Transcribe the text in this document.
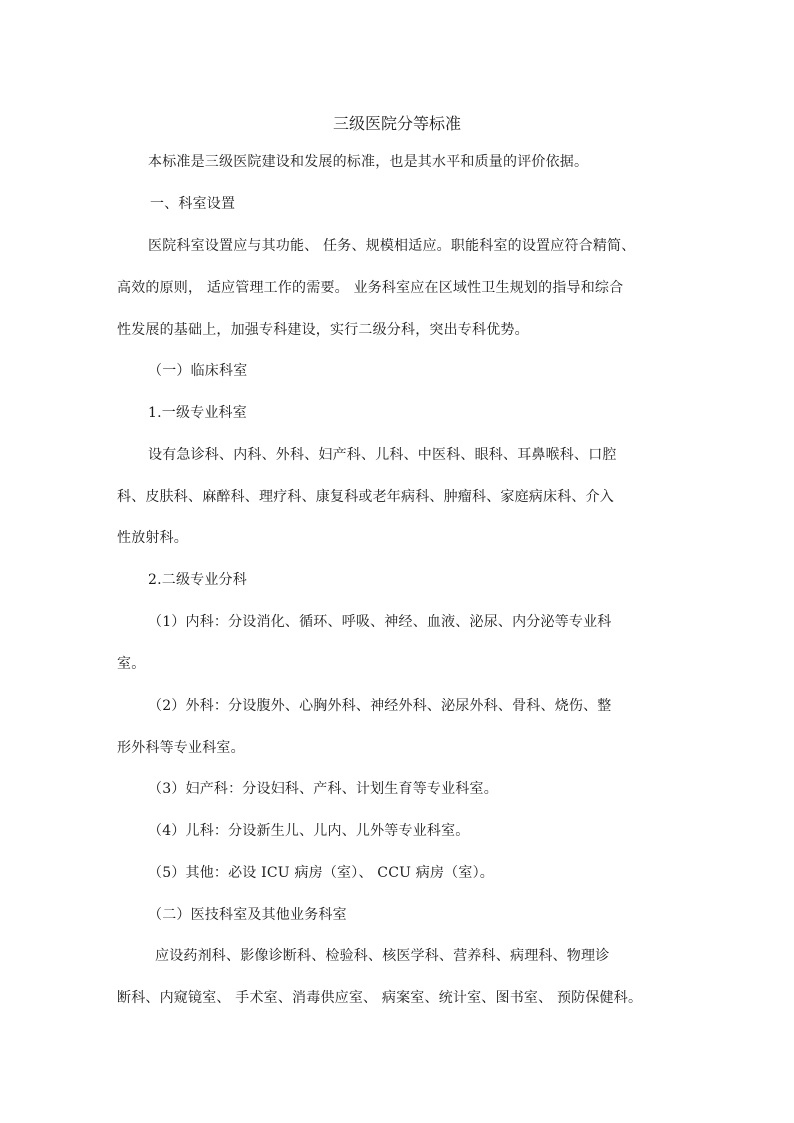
三级医院分等标准
本标准是三级医院建设和发展的标准，也是其水平和质量的评价依据。
一、科室设置
医院科室设置应与其功能、 任务、规模相适应。职能科室的设置应符合精简、
高效的原则， 适应管理工作的需要。 业务科室应在区域性卫生规划的指导和综合
性发展的基础上，加强专科建设，实行二级分科，突出专科优势。
（一）临床科室
1.一级专业科室
设有急诊科、内科、外科、妇产科、儿科、中医科、眼科、耳鼻喉科、口腔
科、皮肤科、麻醉科、理疗科、康复科或老年病科、肿瘤科、家庭病床科、介入
性放射科。
2.二级专业分科
（1）内科：分设消化、循环、呼吸、神经、血液、泌尿、内分泌等专业科
室。
（2）外科：分设腹外、心胸外科、神经外科、泌尿外科、骨科、烧伤、整
形外科等专业科室。
（3）妇产科：分设妇科、产科、计划生育等专业科室。
（4）儿科：分设新生儿、儿内、儿外等专业科室。
（5）其他：必设 ICU 病房（室）、 CCU 病房（室）。
（二）医技科室及其他业务科室
应设药剂科、影像诊断科、检验科、核医学科、营养科、病理科、物理诊
断科、内窥镜室、 手术室、消毒供应室、 病案室、统计室、图书室、 预防保健科。
